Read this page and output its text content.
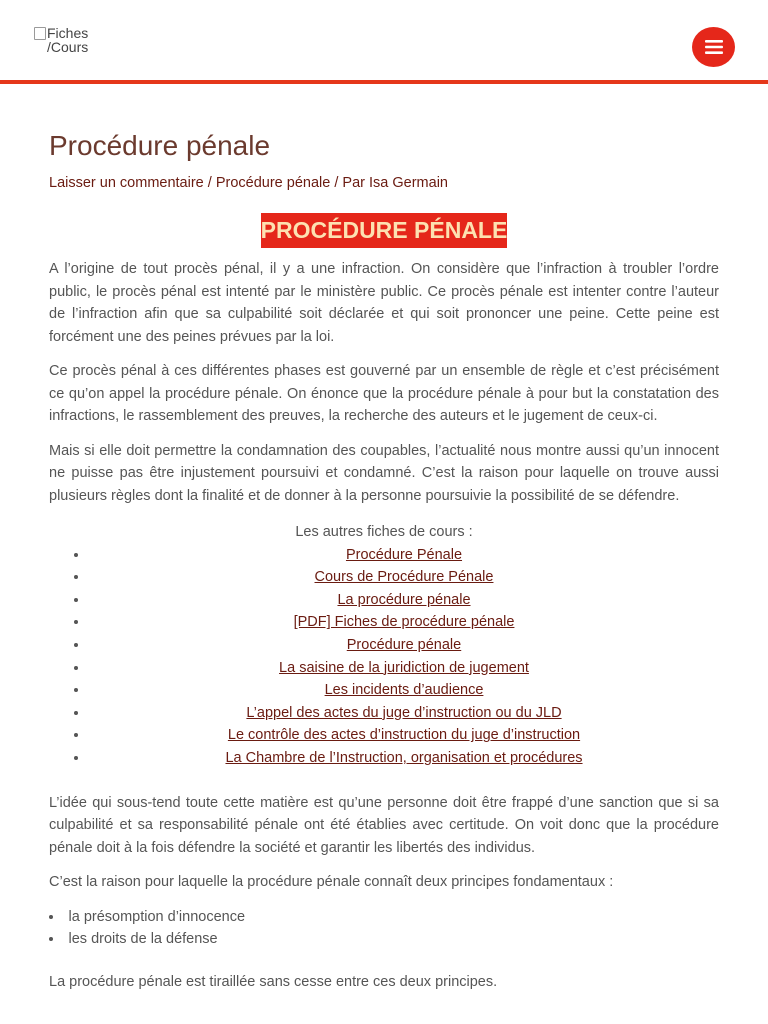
Fiches /Cours
Procédure pénale
Laisser un commentaire / Procédure pénale / Par Isa Germain
PROCÉDURE PÉNALE

A l’origine de tout procès pénal, il y a une infraction. On considère que l’infraction à troubler l’ordre public, le procès pénal est intenté par le ministère public. Ce procès pénale est intenter contre l’auteur de l’infraction afin que sa culpabilité soit déclarée et qui soit prononcer une peine. Cette peine est forcément une des peines prévues par la loi.

Ce procès pénal à ces différentes phases est gouverné par un ensemble de règle et c’est précisément ce qu’on appel la procédure pénale. On énonce que la procédure pénale à pour but la constatation des infractions, le rassemblement des preuves, la recherche des auteurs et le jugement de ceux-ci.

Mais si elle doit permettre la condamnation des coupables, l’actualité nous montre aussi qu’un innocent ne puisse pas être injustement poursuivi et condamné. C’est la raison pour laquelle on trouve aussi plusieurs règles dont la finalité et de donner à la personne poursuivie la possibilité de se défendre.

Les autres fiches de cours :
• Procédure Pénale
• Cours de Procédure Pénale
• La procédure pénale
• [PDF] Fiches de procédure pénale
• Procédure pénale
• La saisine de la juridiction de jugement
• Les incidents d’audience
• L’appel des actes du juge d’instruction ou du JLD
• Le contrôle des actes d’instruction du juge d’instruction
• La Chambre de l’Instruction, organisation et procédures

L’idée qui sous-tend toute cette matière est qu’une personne doit être frappé d’une sanction que si sa culpabilité et sa responsabilité pénale ont été établies avec certitude. On voit donc que la procédure pénale doit à la fois défendre la société et garantir les libertés des individus.

C’est la raison pour laquelle la procédure pénale connaît deux principes fondamentaux :

• la présomption d’innocence
• les droits de la défense

La procédure pénale est tiraillée sans cesse entre ces deux principes.
